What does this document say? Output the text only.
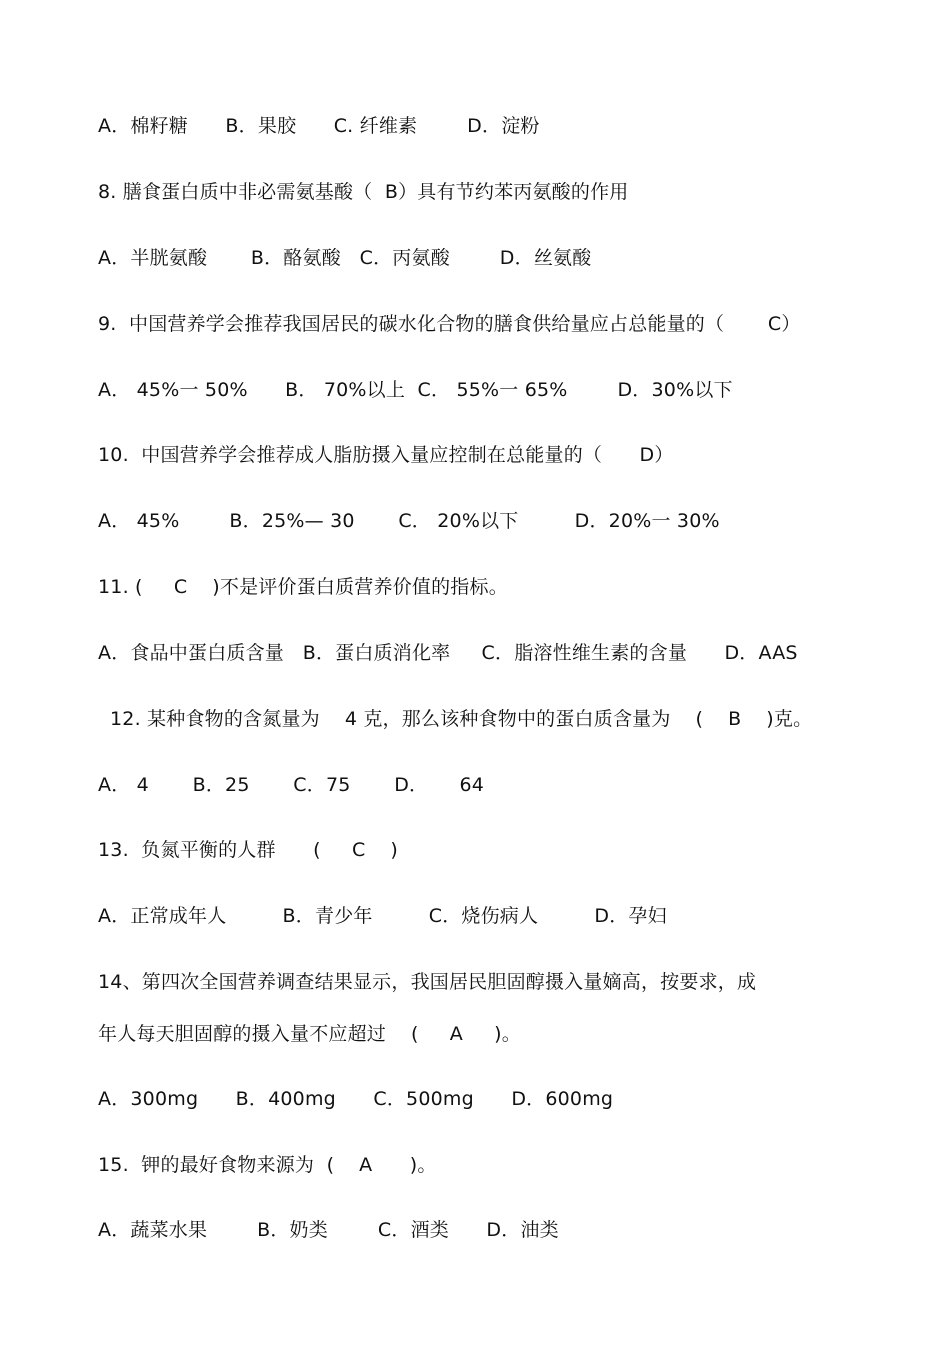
A．棉籽糖      B．果胶      C. 纤维素        D．淀粉
8. 膳食蛋白质中非必需氨基酸（  B）具有节约苯丙氨酸的作用
A．半胱氨酸       B．酪氨酸   C．丙氨酸        D．丝氨酸
9.  中国营养学会推荐我国居民的碳水化合物的膳食供给量应占总能量的（       C）
A． 45%一 50%      B． 70%以上  C． 55%一 65%        D．30%以下
10.  中国营养学会推荐成人脂肪摄入量应控制在总能量的（      D）
A． 45%        B．25%— 30       C． 20%以下         D．20%一 30%
11. (     C    )不是评价蛋白质营养价值的指标。
A．食品中蛋白质含量   B．蛋白质消化率     C．脂溶性维生素的含量      D．AAS
12. 某种食物的含氮量为    4 克，那么该种食物中的蛋白质含量为    (    B    )克。
A． 4       B．25       C．75       D．     64
13.  负氮平衡的人群      (     C    )
A．正常成年人         B．青少年         C．烧伤病人         D．孕妇
14、第四次全国营养调查结果显示，我国居民胆固醇摄入量嫡高，按要求，成
年人每天胆固醇的摄入量不应超过    (     A     )。
A．300mg      B．400mg      C．500mg      D．600mg
15.  钾的最好食物来源为  (    A      )。
A．蔬菜水果        B．奶类        C．酒类      D．油类
